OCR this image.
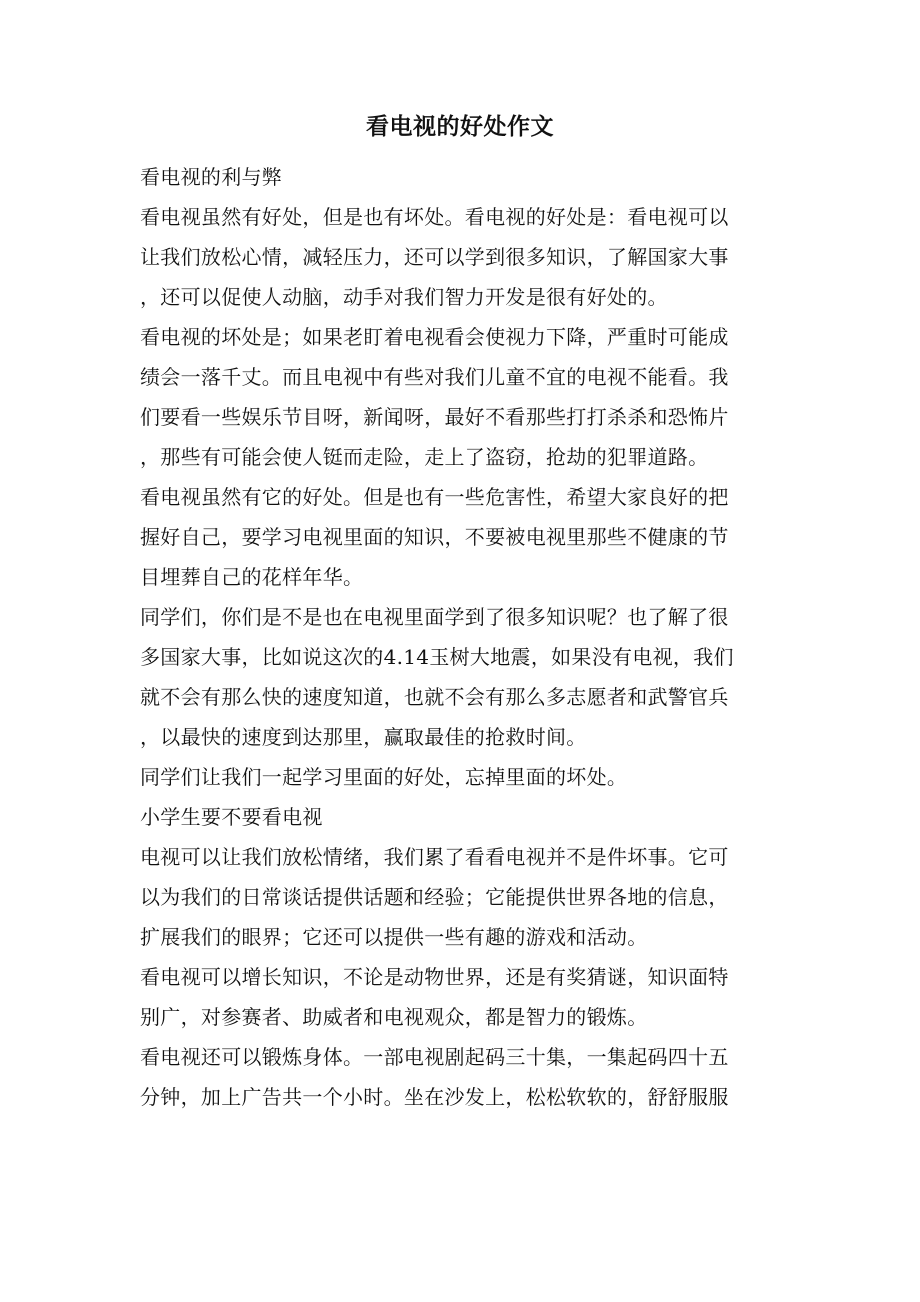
看电视的好处作文
看电视的利与弊
看电视虽然有好处，但是也有坏处。看电视的好处是：看电视可以
让我们放松心情，减轻压力，还可以学到很多知识，了解国家大事
，还可以促使人动脑，动手对我们智力开发是很有好处的。
看电视的坏处是；如果老盯着电视看会使视力下降，严重时可能成
绩会一落千丈。而且电视中有些对我们儿童不宜的电视不能看。我
们要看一些娱乐节目呀，新闻呀，最好不看那些打打杀杀和恐怖片
，那些有可能会使人铤而走险，走上了盗窃，抢劫的犯罪道路。
看电视虽然有它的好处。但是也有一些危害性，希望大家良好的把
握好自己，要学习电视里面的知识，不要被电视里那些不健康的节
目埋葬自己的花样年华。
同学们，你们是不是也在电视里面学到了很多知识呢？也了解了很
多国家大事，比如说这次的4.14玉树大地震，如果没有电视，我们
就不会有那么快的速度知道，也就不会有那么多志愿者和武警官兵
，以最快的速度到达那里，赢取最佳的抢救时间。
同学们让我们一起学习里面的好处，忘掉里面的坏处。
小学生要不要看电视
电视可以让我们放松情绪，我们累了看看电视并不是件坏事。它可
以为我们的日常谈话提供话题和经验；它能提供世界各地的信息，
扩展我们的眼界；它还可以提供一些有趣的游戏和活动。
看电视可以增长知识，不论是动物世界，还是有奖猜谜，知识面特
别广，对参赛者、助威者和电视观众，都是智力的锻炼。
看电视还可以锻炼身体。一部电视剧起码三十集，一集起码四十五
分钟，加上广告共一个小时。坐在沙发上，松松软软的，舒舒服服
